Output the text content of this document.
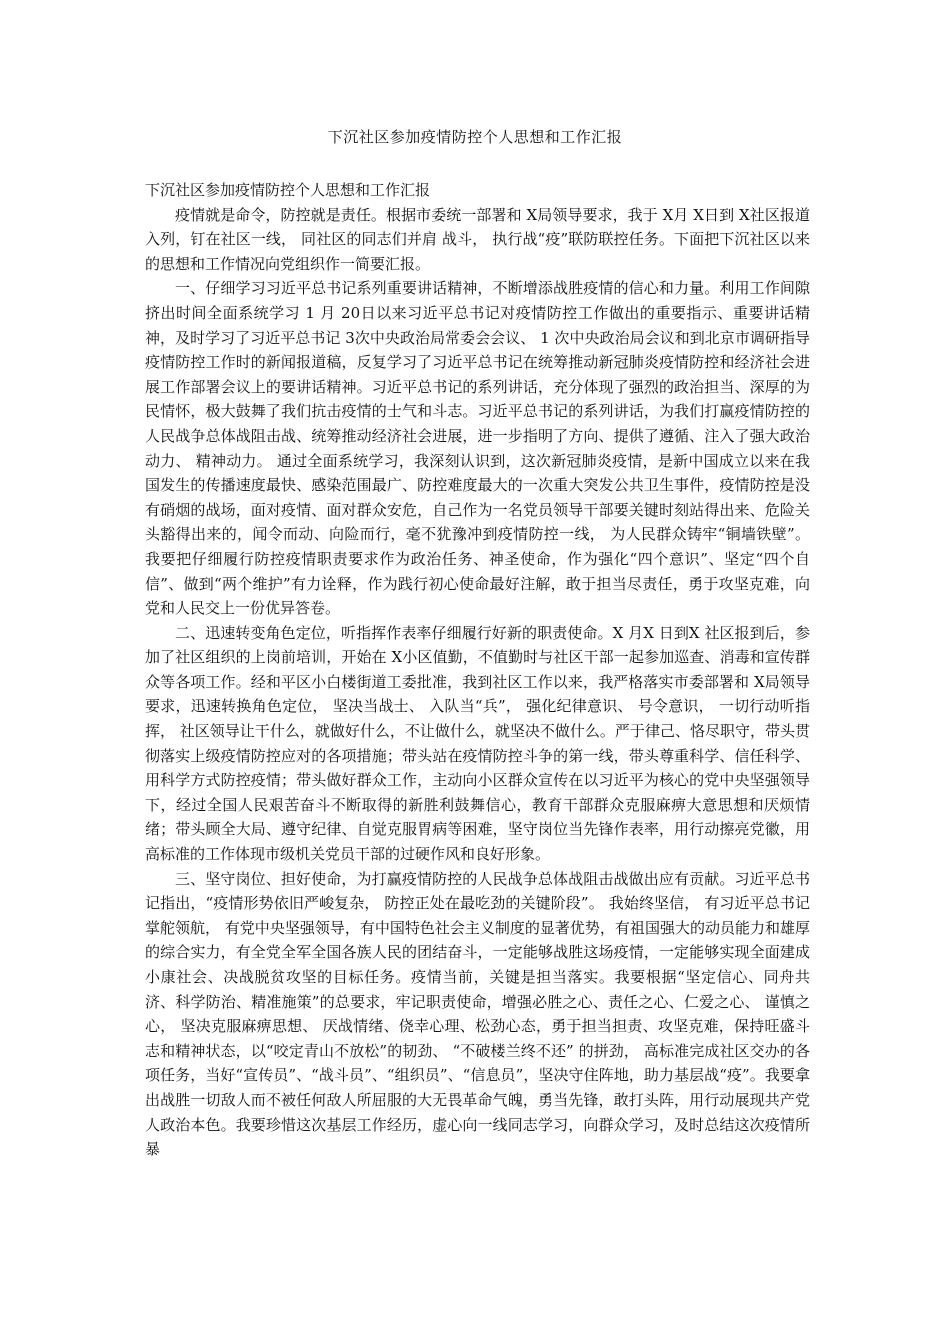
下沉社区参加疫情防控个人思想和工作汇报

下沉社区参加疫情防控个人思想和工作汇报

疫情就是命令，防控就是责任。根据市委统一部署和 X局领导要求，我于 X月 X日到 X社区报道入列，钉在社区一线， 同社区的同志们并肩 战斗， 执行战“疫”联防联控任务。下面把下沉社区以来的思想和工作情况向党组织作一简要汇报。

一、仔细学习习近平总书记系列重要讲话精神，不断增添战胜疫情的信心和力量。利用工作间隙挤出时间全面系统学习 1 月 20日以来习近平总书记对疫情防控工作做出的重要指示、重要讲话精神，及时学习了习近平总书记 3次中央政治局常委会会议、 1 次中央政治局会议和到北京市调研指导疫情防控工作时的新闻报道稿，反复学习了习近平总书记在统筹推动新冠肺炎疫情防控和经济社会进展工作部署会议上的要讲话精神。习近平总书记的系列讲话，充分体现了强烈的政治担当、深厚的为民情怀，极大鼓舞了我们抗击疫情的士气和斗志。习近平总书记的系列讲话，为我们打赢疫情防控的人民战争总体战阻击战、统筹推动经济社会进展，进一步指明了方向、提供了遵循、注入了强大政治动力、 精神动力。 通过全面系统学习，我深刻认识到，这次新冠肺炎疫情，是新中国成立以来在我国发生的传播速度最快、感染范围最广、防控难度最大的一次重大突发公共卫生事件，疫情防控是没有硝烟的战场，面对疫情、面对群众安危，自己作为一名党员领导干部要关键时刻站得出来、危险关头豁得出来的，闻令而动、向险而行，毫不犹豫冲到疫情防控一线， 为人民群众铸牢“铜墙铁壁”。 我要把仔细履行防控疫情职责要求作为政治任务、神圣使命，作为强化“四个意识”、坚定“四个自信”、做到“两个维护”有力诠释，作为践行初心使命最好注解，敢于担当尽责任，勇于攻坚克难，向党和人民交上一份优异答卷。

二、迅速转变角色定位，听指挥作表率仔细履行好新的职责使命。X 月X 日到X 社区报到后，参加了社区组织的上岗前培训，开始在 X小区值勤，不值勤时与社区干部一起参加巡查、消毒和宣传群众等各项工作。经和平区小白楼街道工委批准，我到社区工作以来，我严格落实市委部署和 X局领导要求，迅速转换角色定位， 坚决当战士、 入队当“兵”， 强化纪律意识、 号令意识， 一切行动听指挥， 社区领导让干什么，就做好什么，不让做什么，就坚决不做什么。严于律己、恪尽职守，带头贯彻落实上级疫情防控应对的各项措施；带头站在疫情防控斗争的第一线，带头尊重科学、信任科学、用科学方式防控疫情；带头做好群众工作，主动向小区群众宣传在以习近平为核心的党中央坚强领导下，经过全国人民艰苦奋斗不断取得的新胜利鼓舞信心，教育干部群众克服麻痹大意思想和厌烦情绪；带头顾全大局、遵守纪律、自觉克服胃病等困难，坚守岗位当先锋作表率，用行动擦亮党徽，用高标准的工作体现市级机关党员干部的过硬作风和良好形象。

三、坚守岗位、担好使命，为打赢疫情防控的人民战争总体战阻击战做出应有贡献。习近平总书记指出，“疫情形势依旧严峻复杂， 防控正处在最吃劲的关键阶段”。 我始终坚信， 有习近平总书记掌舵领航， 有党中央坚强领导，有中国特色社会主义制度的显著优势，有祖国强大的动员能力和雄厚的综合实力，有全党全军全国各族人民的团结奋斗，一定能够战胜这场疫情，一定能够实现全面建成小康社会、决战脱贫攻坚的目标任务。疫情当前，关键是担当落实。我要根据“坚定信心、同舟共济、科学防治、精准施策”的总要求，牢记职责使命，增强必胜之心、责任之心、仁爱之心、 谨慎之心， 坚决克服麻痹思想、 厌战情绪、侥幸心理、松劲心态，勇于担当担责、攻坚克难，保持旺盛斗志和精神状态，以“咬定青山不放松”的韧劲、 “不破楼兰终不还” 的拼劲， 高标准完成社区交办的各项任务，当好“宣传员”、“战斗员”、“组织员”、“信息员”，坚决守住阵地，助力基层战“疫”。我要拿出战胜一切敌人而不被任何敌人所屈服的大无畏革命气魄，勇当先锋，敢打头阵，用行动展现共产党人政治本色。我要珍惜这次基层工作经历，虚心向一线同志学习，向群众学习，及时总结这次疫情所暴
